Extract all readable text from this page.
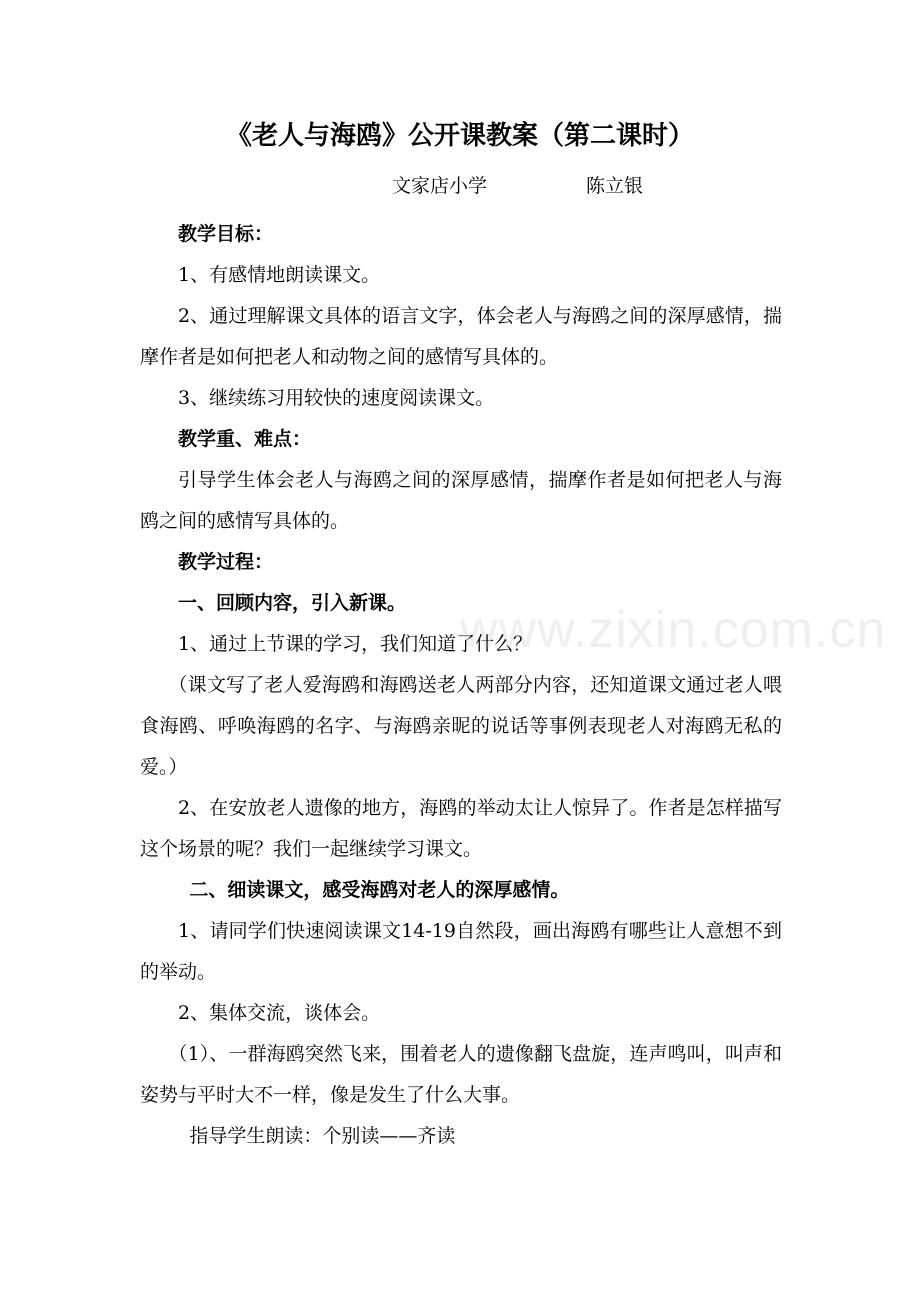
《老人与海鸥》公开课教案（第二课时）
文家店小学	陈立银

教学目标：

1、有感情地朗读课文。

2、通过理解课文具体的语言文字，体会老人与海鸥之间的深厚感情，揣摩作者是如何把老人和动物之间的感情写具体的。

3、继续练习用较快的速度阅读课文。

教学重、难点：

引导学生体会老人与海鸥之间的深厚感情，揣摩作者是如何把老人与海鸥之间的感情写具体的。

教学过程：

一、回顾内容，引入新课。

1、通过上节课的学习，我们知道了什么？

（课文写了老人爱海鸥和海鸥送老人两部分内容，还知道课文通过老人喂食海鸥、呼唤海鸥的名字、与海鸥亲昵的说话等事例表现老人对海鸥无私的爱。）

2、在安放老人遗像的地方，海鸥的举动太让人惊异了。作者是怎样描写这个场景的呢？我们一起继续学习课文。

二、细读课文，感受海鸥对老人的深厚感情。

1、请同学们快速阅读课文14-19自然段，画出海鸥有哪些让人意想不到的举动。

2、集体交流，谈体会。

（1）、一群海鸥突然飞来，围着老人的遗像翻飞盘旋，连声鸣叫，叫声和姿势与平时大不一样，像是发生了什么大事。

指导学生朗读：个别读——齐读

www.zixin.com.cn
